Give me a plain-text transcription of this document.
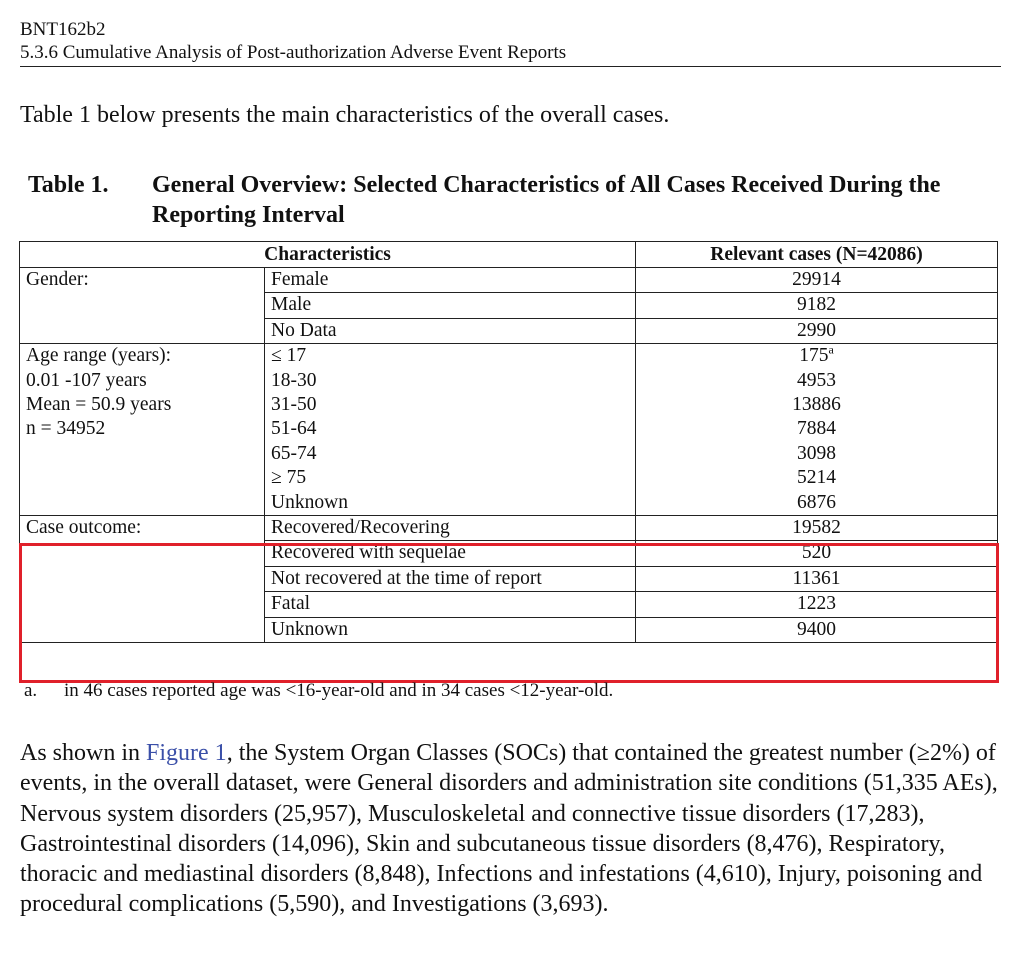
BNT162b2
5.3.6 Cumulative Analysis of Post-authorization Adverse Event Reports
Table 1 below presents the main characteristics of the overall cases.
Table 1. General Overview: Selected Characteristics of All Cases Received During the Reporting Interval
Characteristics		Relevant cases (N=42086)
Gender:	Female	29914
	Male	9182
	No Data	2990

Age range (years):
0.01 -107 years
Mean = 50.9 years
n = 34952	≤ 17	175$^a$
	18-30	4953
	31-50	13886
	51-64	7884
	65-74	3098
	≥ 75	5214
	Unknown	6876
Case outcome:	Recovered/Recovering	19582
	Recovered with sequelae	520
	Not recovered at the time of report	11361
	Fatal	1223
	Unknown	9400
a. in 46 cases reported age was <16-year-old and in 34 cases <12-year-old.
As shown in Figure 1, the System Organ Classes (SOCs) that contained the greatest number (≥2%) of events, in the overall dataset, were General disorders and administration site conditions (51,335 AEs), Nervous system disorders (25,957), Musculoskeletal and connective tissue disorders (17,283), Gastrointestinal disorders (14,096), Skin and subcutaneous tissue disorders (8,476), Respiratory, thoracic and mediastinal disorders (8,848), Infections and infestations (4,610), Injury, poisoning and procedural complications (5,590), and Investigations (3,693).
